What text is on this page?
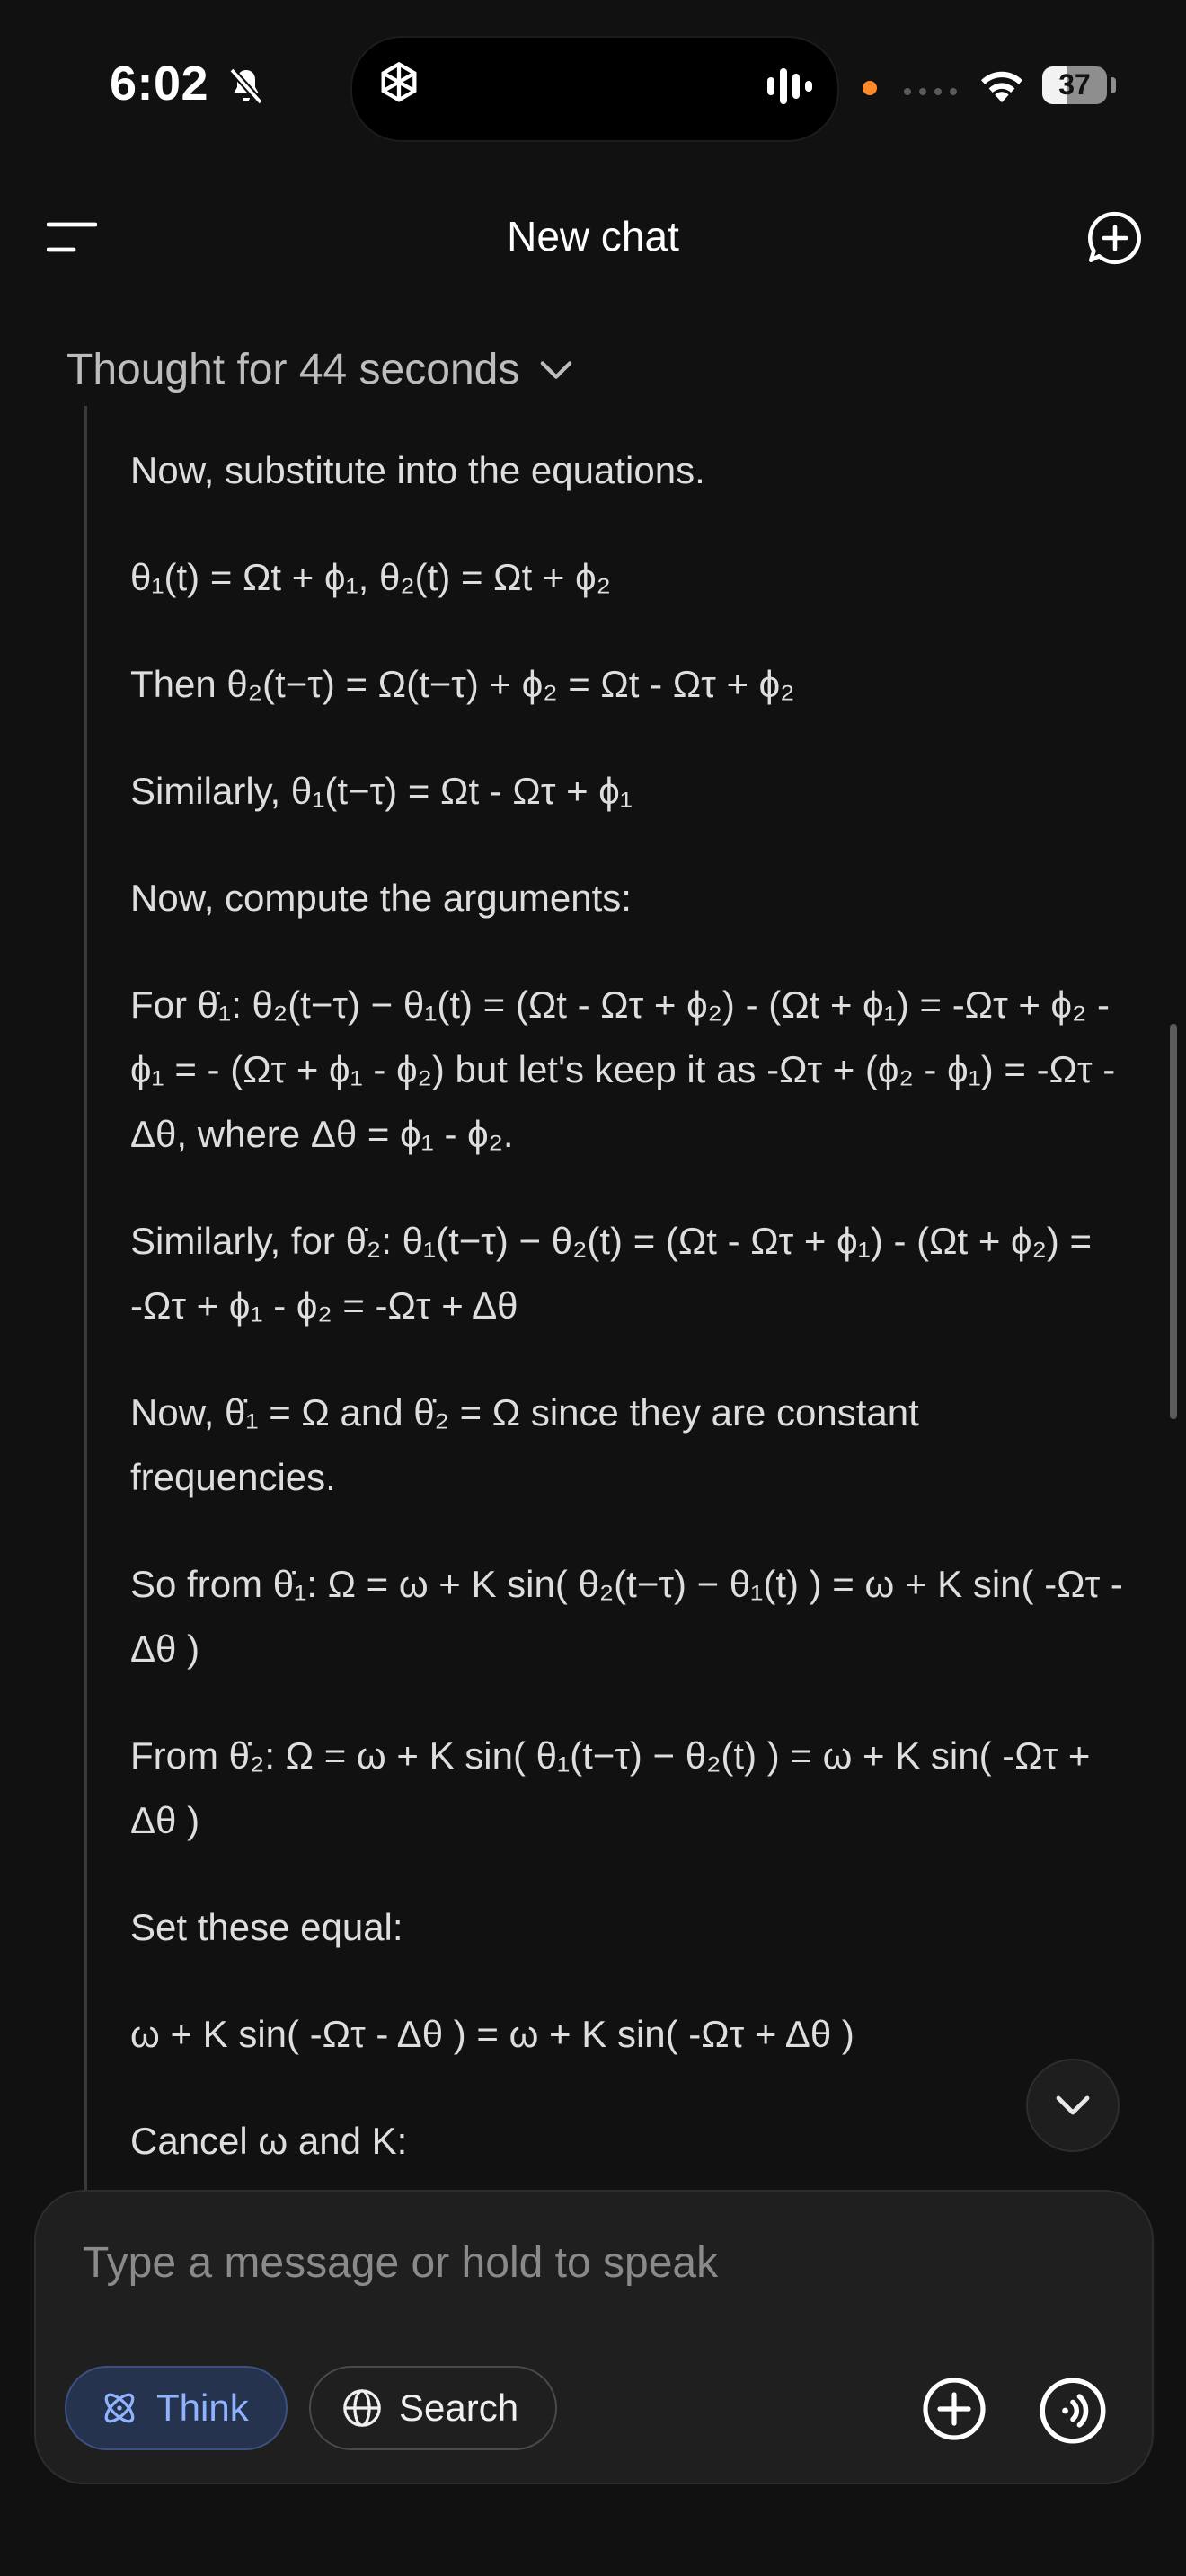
6:02	37
New chat
Thought for 44 seconds

Now, substitute into the equations.

θ₁(t) = Ωt + ϕ₁, θ₂(t) = Ωt + ϕ₂

Then θ₂(t−τ) = Ω(t−τ) + ϕ₂ = Ωt - Ωτ + ϕ₂

Similarly, θ₁(t−τ) = Ωt - Ωτ + ϕ₁

Now, compute the arguments:

For θ̇₁: θ₂(t−τ) − θ₁(t) = (Ωt - Ωτ + ϕ₂) - (Ωt + ϕ₁) = -Ωτ + ϕ₂ - ϕ₁ = - (Ωτ + ϕ₁ - ϕ₂) but let's keep it as -Ωτ + (ϕ₂ - ϕ₁) = -Ωτ - Δθ, where Δθ = ϕ₁ - ϕ₂.

Similarly, for θ̇₂: θ₁(t−τ) − θ₂(t) = (Ωt - Ωτ + ϕ₁) - (Ωt + ϕ₂) = -Ωτ + ϕ₁ - ϕ₂ = -Ωτ + Δθ

Now, θ̇₁ = Ω and θ̇₂ = Ω since they are constant frequencies.

So from θ̇₁: Ω = ω + K sin( θ₂(t−τ) − θ₁(t) ) = ω + K sin( -Ωτ - Δθ )

From θ̇₂: Ω = ω + K sin( θ₁(t−τ) − θ₂(t) ) = ω + K sin( -Ωτ + Δθ )

Set these equal:

ω + K sin( -Ωτ - Δθ ) = ω + K sin( -Ωτ + Δθ )

Cancel ω and K:

Type a message or hold to speak
Think	Search
